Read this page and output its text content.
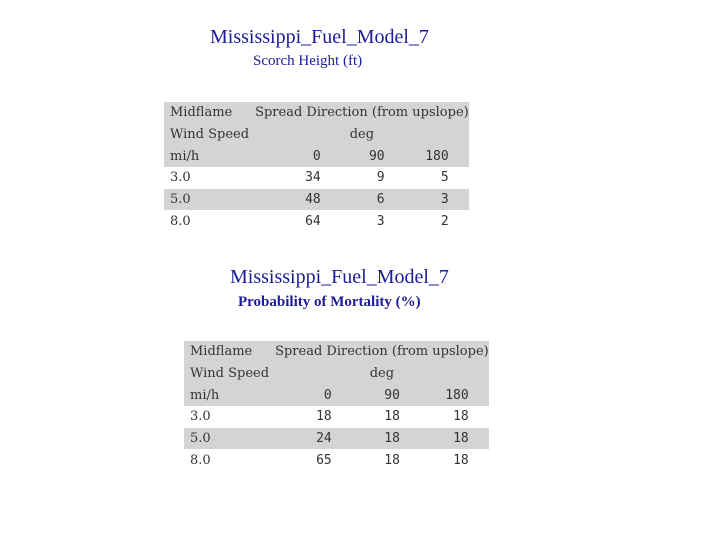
Mississippi_Fuel_Model_7
Scorch Height (ft)
Midflame	Spread Direction (from upslope)		
Wind Speed	deg		
mi/h	0	90	180
3.0	34	9	5
5.0	48	6	3
8.0	64	3	2
Mississippi_Fuel_Model_7
Probability of Mortality (%)
Midflame	Spread Direction (from upslope)		
Wind Speed	deg		
mi/h	0	90	180
3.0	18	18	18
5.0	24	18	18
8.0	65	18	18
